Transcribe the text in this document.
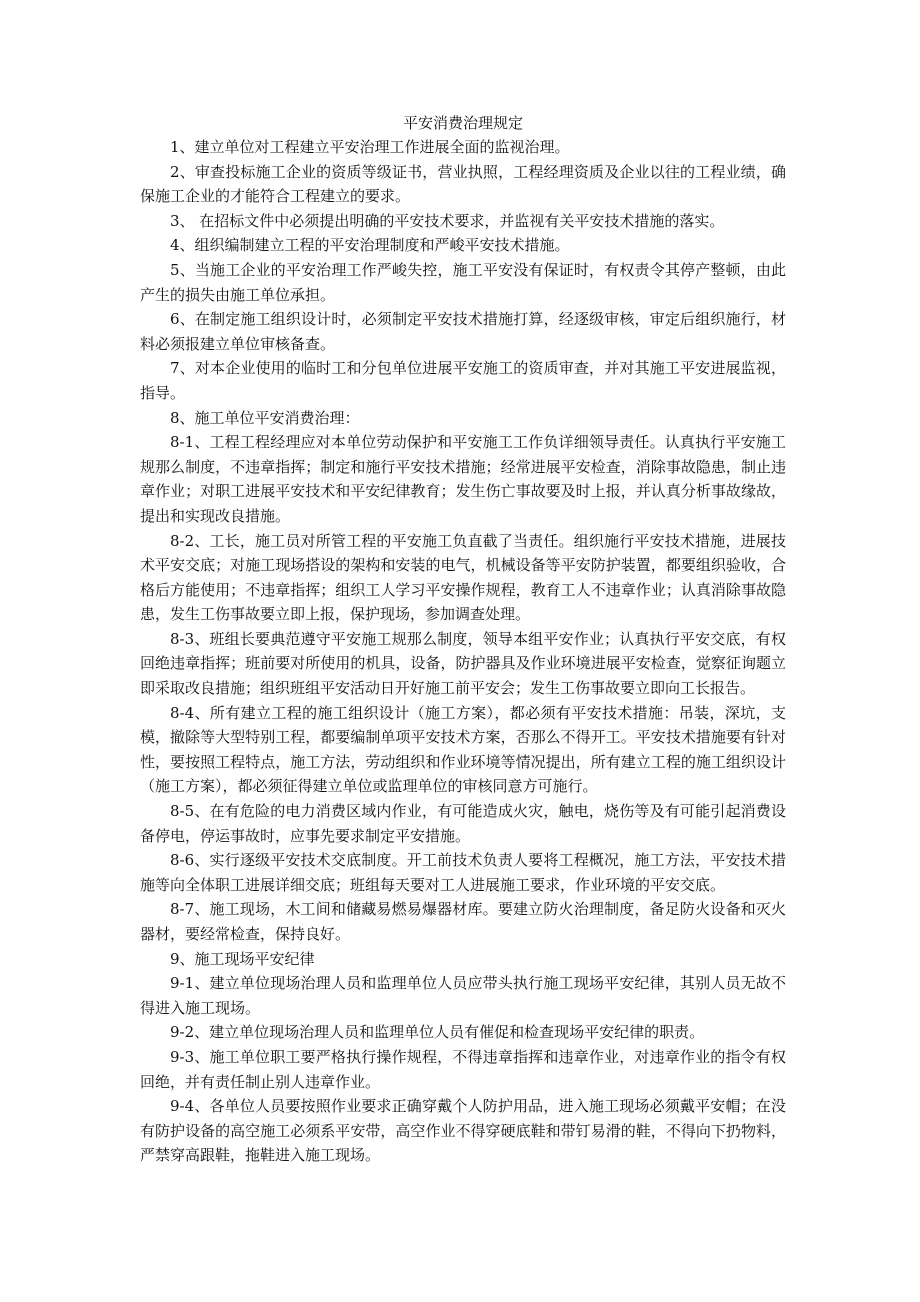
平安消费治理规定

1、建立单位对工程建立平安治理工作进展全面的监视治理。

2、审查投标施工企业的资质等级证书，营业执照，工程经理资质及企业以往的工程业绩，确保施工企业的才能符合工程建立的要求。

3、 在招标文件中必须提出明确的平安技术要求，并监视有关平安技术措施的落实。

4、组织编制建立工程的平安治理制度和严峻平安技术措施。

5、当施工企业的平安治理工作严峻失控，施工平安没有保证时，有权责令其停产整顿，由此产生的损失由施工单位承担。

6、在制定施工组织设计时，必须制定平安技术措施打算，经逐级审核，审定后组织施行，材料必须报建立单位审核备查。

7、对本企业使用的临时工和分包单位进展平安施工的资质审查，并对其施工平安进展监视，指导。

8、施工单位平安消费治理：

8-1、工程工程经理应对本单位劳动保护和平安施工工作负详细领导责任。认真执行平安施工规那么制度，不违章指挥；制定和施行平安技术措施；经常进展平安检查，消除事故隐患，制止违章作业；对职工进展平安技术和平安纪律教育；发生伤亡事故要及时上报，并认真分析事故缘故，提出和实现改良措施。

8-2、工长，施工员对所管工程的平安施工负直截了当责任。组织施行平安技术措施，进展技术平安交底；对施工现场搭设的架构和安装的电气，机械设备等平安防护装置，都要组织验收，合格后方能使用；不违章指挥；组织工人学习平安操作规程，教育工人不违章作业；认真消除事故隐患，发生工伤事故要立即上报，保护现场，参加调查处理。

8-3、班组长要典范遵守平安施工规那么制度，领导本组平安作业；认真执行平安交底，有权回绝违章指挥；班前要对所使用的机具，设备，防护器具及作业环境进展平安检查，觉察征询题立即采取改良措施；组织班组平安活动日开好施工前平安会；发生工伤事故要立即向工长报告。

8-4、所有建立工程的施工组织设计（施工方案），都必须有平安技术措施：吊装，深坑，支模，撤除等大型特别工程，都要编制单项平安技术方案，否那么不得开工。平安技术措施要有针对性，要按照工程特点，施工方法，劳动组织和作业环境等情况提出，所有建立工程的施工组织设计（施工方案），都必须征得建立单位或监理单位的审核同意方可施行。

8-5、在有危险的电力消费区域内作业，有可能造成火灾，触电，烧伤等及有可能引起消费设备停电，停运事故时，应事先要求制定平安措施。

8-6、实行逐级平安技术交底制度。开工前技术负责人要将工程概况，施工方法，平安技术措施等向全体职工进展详细交底；班组每天要对工人进展施工要求，作业环境的平安交底。

8-7、施工现场，木工间和储藏易燃易爆器材库。要建立防火治理制度，备足防火设备和灭火器材，要经常检查，保持良好。

9、施工现场平安纪律

9-1、建立单位现场治理人员和监理单位人员应带头执行施工现场平安纪律，其别人员无故不得进入施工现场。

9-2、建立单位现场治理人员和监理单位人员有催促和检查现场平安纪律的职责。

9-3、施工单位职工要严格执行操作规程，不得违章指挥和违章作业，对违章作业的指令有权回绝，并有责任制止别人违章作业。

9-4、各单位人员要按照作业要求正确穿戴个人防护用品，进入施工现场必须戴平安帽；在没有防护设备的高空施工必须系平安带，高空作业不得穿硬底鞋和带钉易滑的鞋，不得向下扔物料，严禁穿高跟鞋，拖鞋进入施工现场。
